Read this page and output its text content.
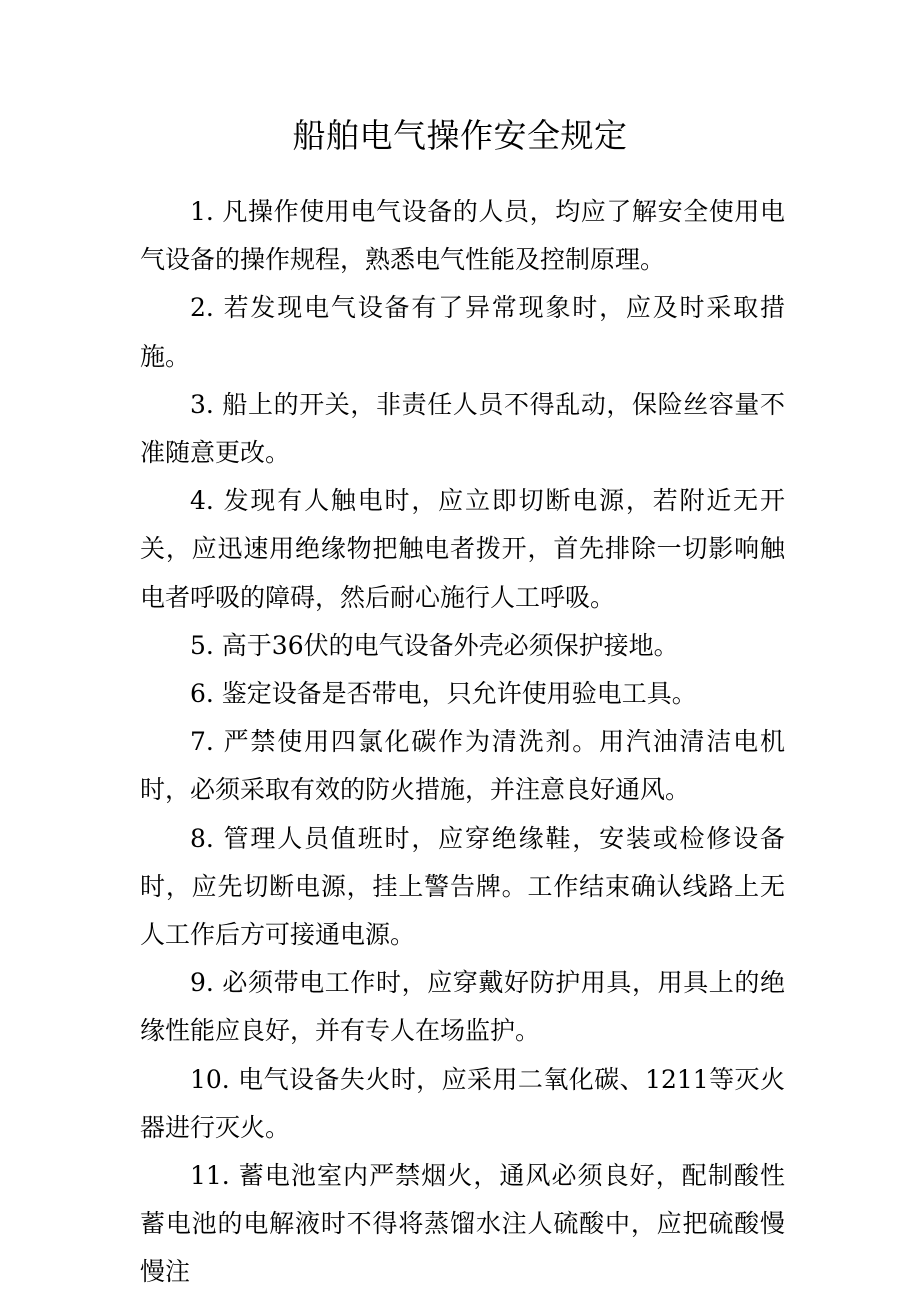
船舶电气操作安全规定

1. 凡操作使用电气设备的人员，均应了解安全使用电气设备的操作规程，熟悉电气性能及控制原理。

2. 若发现电气设备有了异常现象时，应及时采取措施。

3. 船上的开关，非责任人员不得乱动，保险丝容量不准随意更改。

4. 发现有人触电时，应立即切断电源，若附近无开关，应迅速用绝缘物把触电者拨开，首先排除一切影响触电者呼吸的障碍，然后耐心施行人工呼吸。

5. 高于36伏的电气设备外壳必须保护接地。

6. 鉴定设备是否带电，只允许使用验电工具。

7. 严禁使用四氯化碳作为清洗剂。用汽油清洁电机时，必须采取有效的防火措施，并注意良好通风。

8. 管理人员值班时，应穿绝缘鞋，安装或检修设备时，应先切断电源，挂上警告牌。工作结束确认线路上无人工作后方可接通电源。

9. 必须带电工作时，应穿戴好防护用具，用具上的绝缘性能应良好，并有专人在场监护。

10. 电气设备失火时，应采用二氧化碳、1211等灭火器进行灭火。

11. 蓄电池室内严禁烟火，通风必须良好，配制酸性蓄电池的电解液时不得将蒸馏水注人硫酸中，应把硫酸慢慢注
